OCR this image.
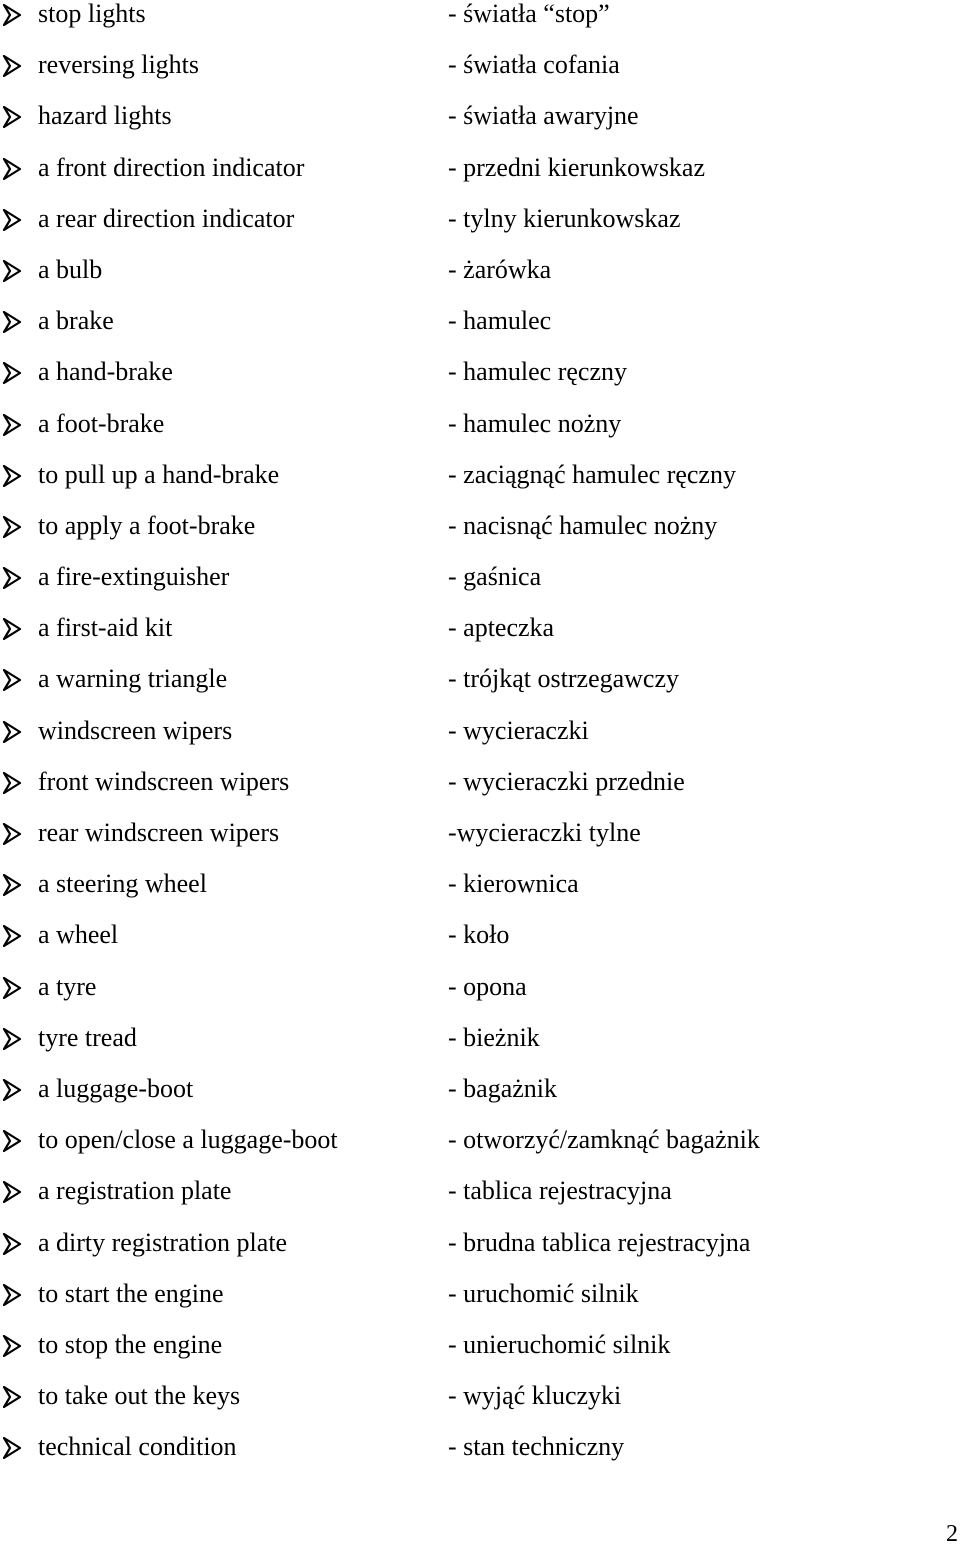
stop lights	- światła “stop”
reversing lights	- światła cofania
hazard lights	- światła awaryjne
a front direction indicator	- przedni kierunkowskaz
a rear direction indicator	- tylny kierunkowskaz
a bulb	- żarówka
a brake	- hamulec
a hand-brake	- hamulec ręczny
a foot-brake	- hamulec nożny
to pull up a hand-brake	- zaciągnąć hamulec ręczny
to apply a foot-brake	- nacisnąć hamulec nożny
a fire-extinguisher	- gaśnica
a first-aid kit	- apteczka
a warning triangle	- trójkąt ostrzegawczy
windscreen wipers	- wycieraczki
front windscreen wipers	- wycieraczki przednie
rear windscreen wipers	-wycieraczki tylne
a steering wheel	- kierownica
a wheel	- koło
a tyre	- opona
tyre tread	- bieżnik
a luggage-boot	- bagażnik
to open/close a luggage-boot	- otworzyć/zamknąć bagażnik
a registration plate	- tablica rejestracyjna
a dirty registration plate	- brudna tablica rejestracyjna
to start the engine	- uruchomić silnik
to stop the engine	- unieruchomić silnik
to take out the keys	- wyjąć kluczyki
technical condition	- stan techniczny
2
